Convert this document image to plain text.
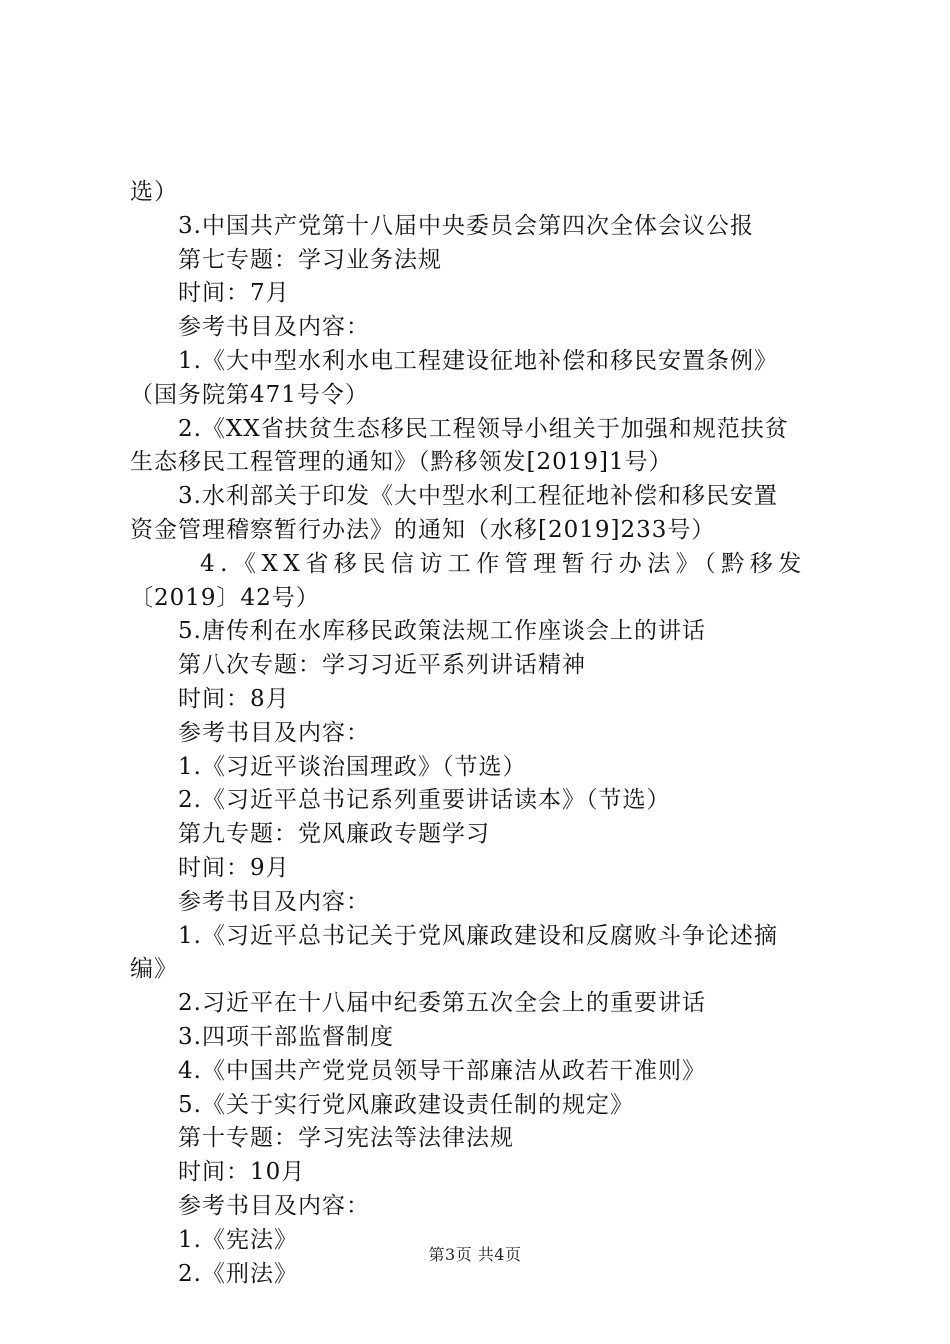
选）
3.中国共产党第十八届中央委员会第四次全体会议公报
第七专题：学习业务法规
时间：7月
参考书目及内容：
1.《大中型水利水电工程建设征地补偿和移民安置条例》
（国务院第471号令）
2.《XX省扶贫生态移民工程领导小组关于加强和规范扶贫
生态移民工程管理的通知》（黔移领发[2019]1号）
3.水利部关于印发《大中型水利工程征地补偿和移民安置
资金管理稽察暂行办法》的通知（水移[2019]233号）
4.《XX省移民信访工作管理暂行办法》（黔移发
〔2019〕42号）
5.唐传利在水库移民政策法规工作座谈会上的讲话
第八次专题：学习习近平系列讲话精神
时间：8月
参考书目及内容：
1.《习近平谈治国理政》（节选）
2.《习近平总书记系列重要讲话读本》（节选）
第九专题：党风廉政专题学习
时间：9月
参考书目及内容：
1.《习近平总书记关于党风廉政建设和反腐败斗争论述摘
编》
2.习近平在十八届中纪委第五次全会上的重要讲话
3.四项干部监督制度
4.《中国共产党党员领导干部廉洁从政若干准则》
5.《关于实行党风廉政建设责任制的规定》
第十专题：学习宪法等法律法规
时间：10月
参考书目及内容：
1.《宪法》
2.《刑法》
第3页 共4页
